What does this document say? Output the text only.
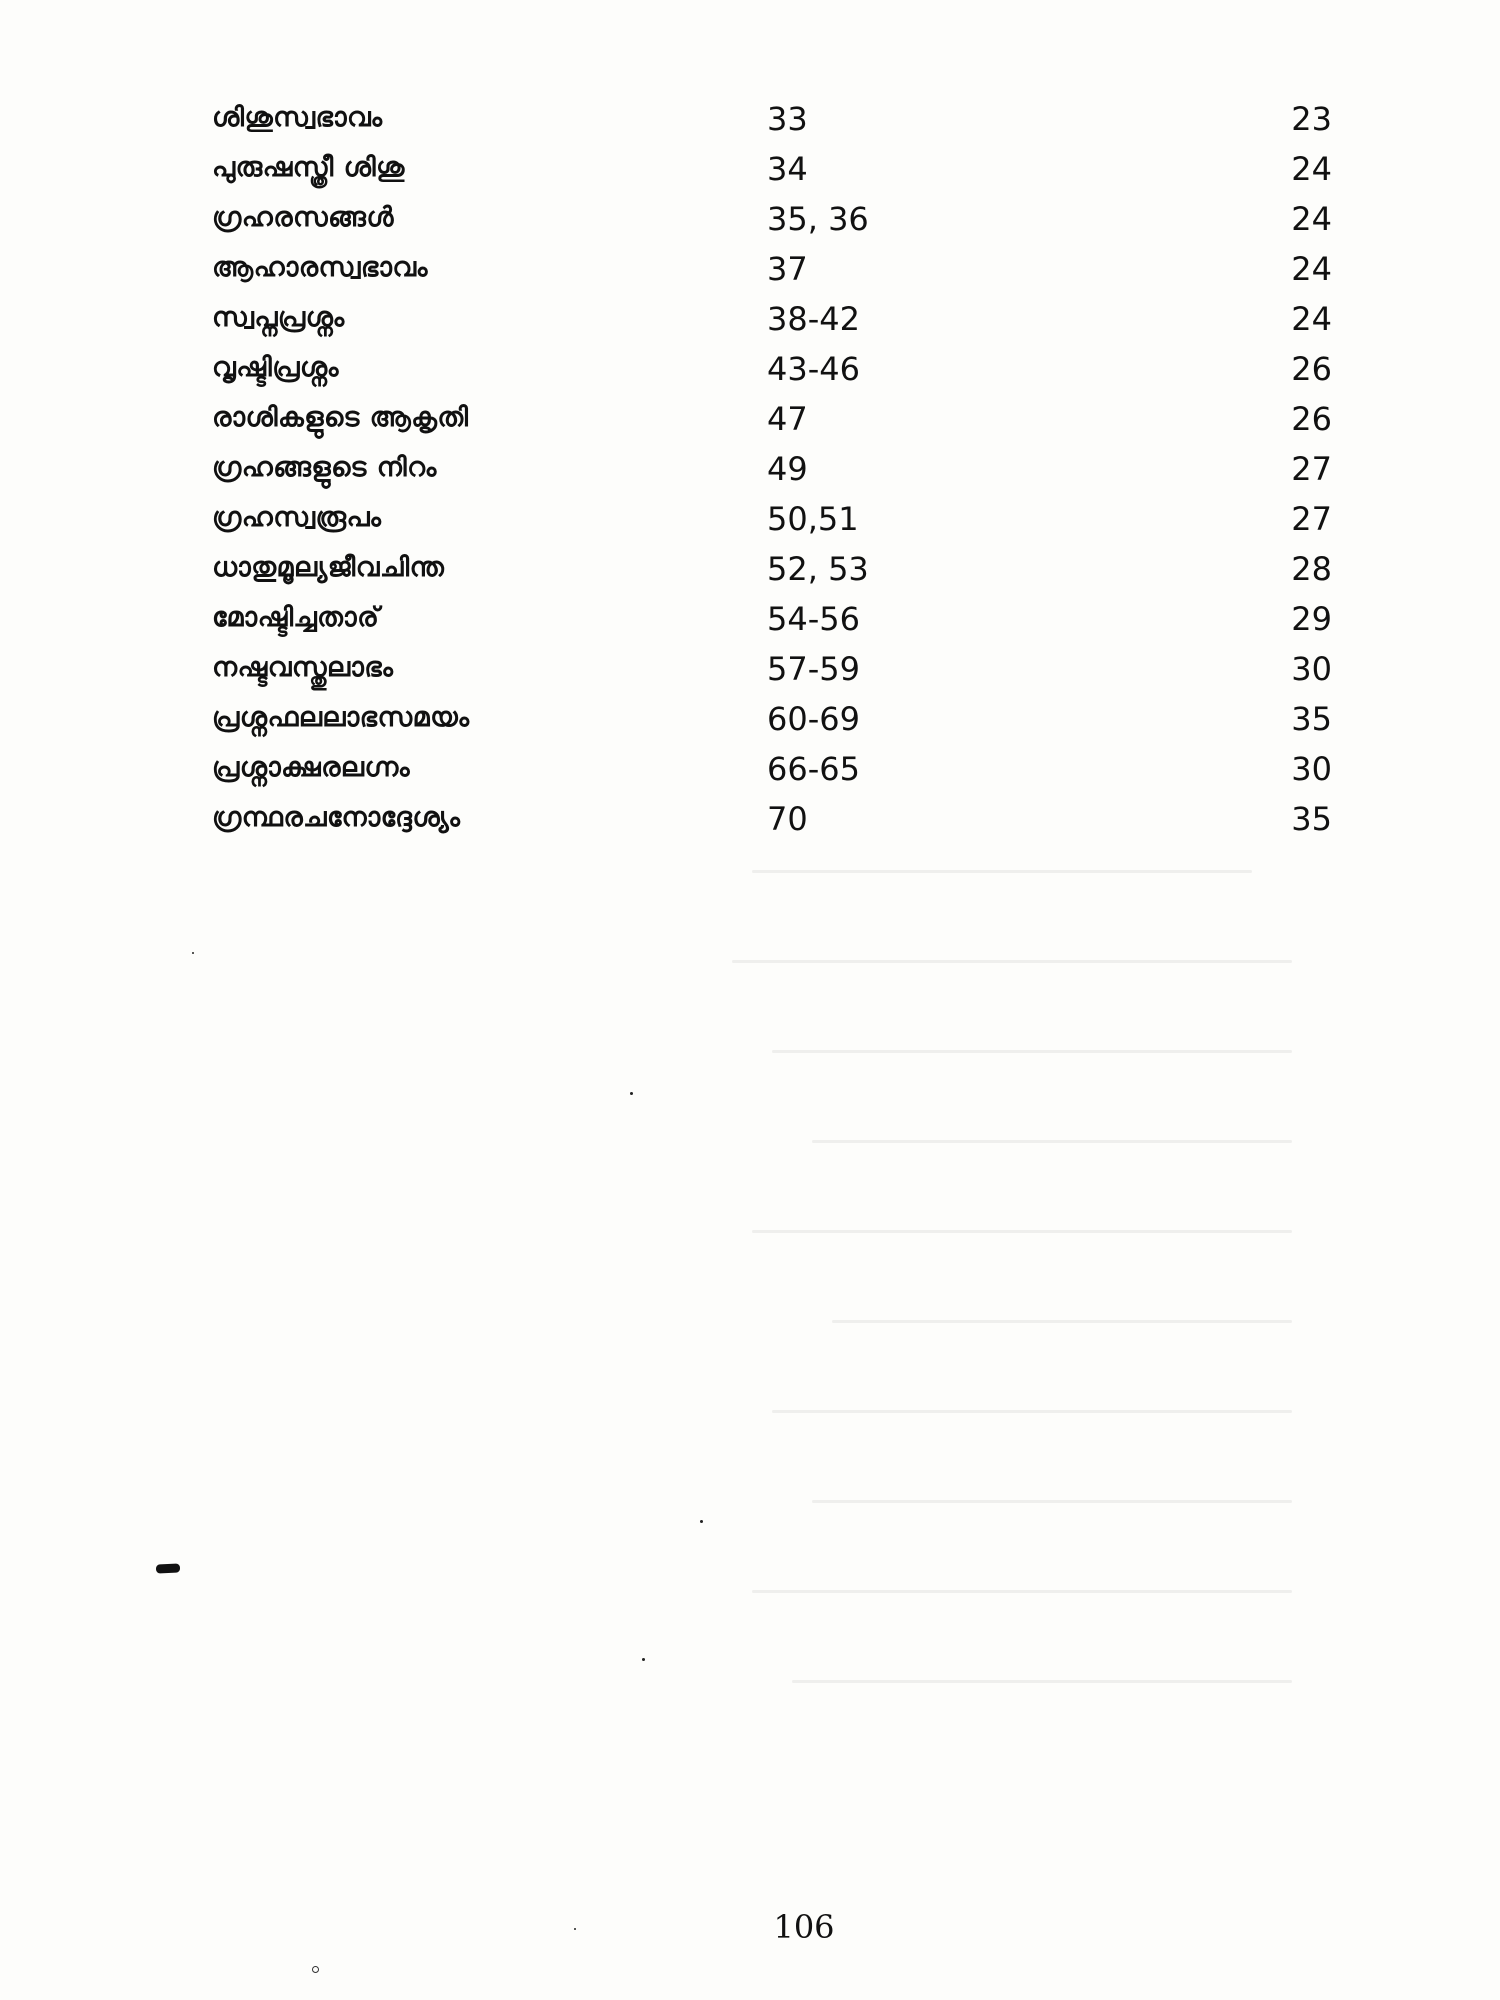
ശിശുസ്വഭാവം	33	23
പുരുഷസ്ത്രീ ശിശു	34	24
ഗ്രഹരസങ്ങൾ	35, 36	24
ആഹാരസ്വഭാവം	37	24
സ്വപ്നപ്രശ്നം	38-42	24
വൃഷ്ടിപ്രശ്നം	43-46	26
രാശികളുടെ ആകൃതി	47	26
ഗ്രഹങ്ങളുടെ നിറം	49	27
ഗ്രഹസ്വരൂപം	50,51	27
ധാതുമൂല്യജീവചിന്ത	52, 53	28
മോഷ്ടിച്ചതാര്	54-56	29
നഷ്ടവസ്തുലാഭം	57-59	30
പ്രശ്നഫലലാഭസമയം	60-69	35
പ്രശ്നാക്ഷരലഗ്നം	66-65	30
ഗ്രന്ഥരചനോദ്ദേശ്യം	70	35
106
